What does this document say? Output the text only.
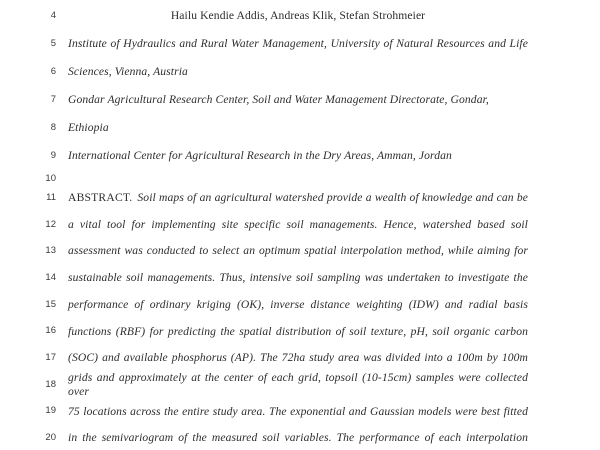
4	Hailu Kendie Addis, Andreas Klik, Stefan Strohmeier
5 Institute of Hydraulics and Rural Water Management, University of Natural Resources and Life
6 Sciences, Vienna, Austria
7 Gondar Agricultural Research Center, Soil and Water Management Directorate, Gondar,
8 Ethiopia
9 International Center for Agricultural Research in the Dry Areas, Amman, Jordan
10
11 ABSTRACT. Soil maps of an agricultural watershed provide a wealth of knowledge and can be
12 a vital tool for implementing site specific soil managements. Hence, watershed based soil
13 assessment was conducted to select an optimum spatial interpolation method, while aiming for
14 sustainable soil managements. Thus, intensive soil sampling was undertaken to investigate the
15 performance of ordinary kriging (OK), inverse distance weighting (IDW) and radial basis
16 functions (RBF) for predicting the spatial distribution of soil texture, pH, soil organic carbon
17 (SOC) and available phosphorus (AP). The 72ha study area was divided into a 100m by 100m
18
grids and approximately at the center of each grid, topsoil (10-15cm) samples were collected over
19 75 locations across the entire study area. The exponential and Gaussian models were best fitted
20 in the semivariogram of the measured soil variables. The performance of each interpolation
